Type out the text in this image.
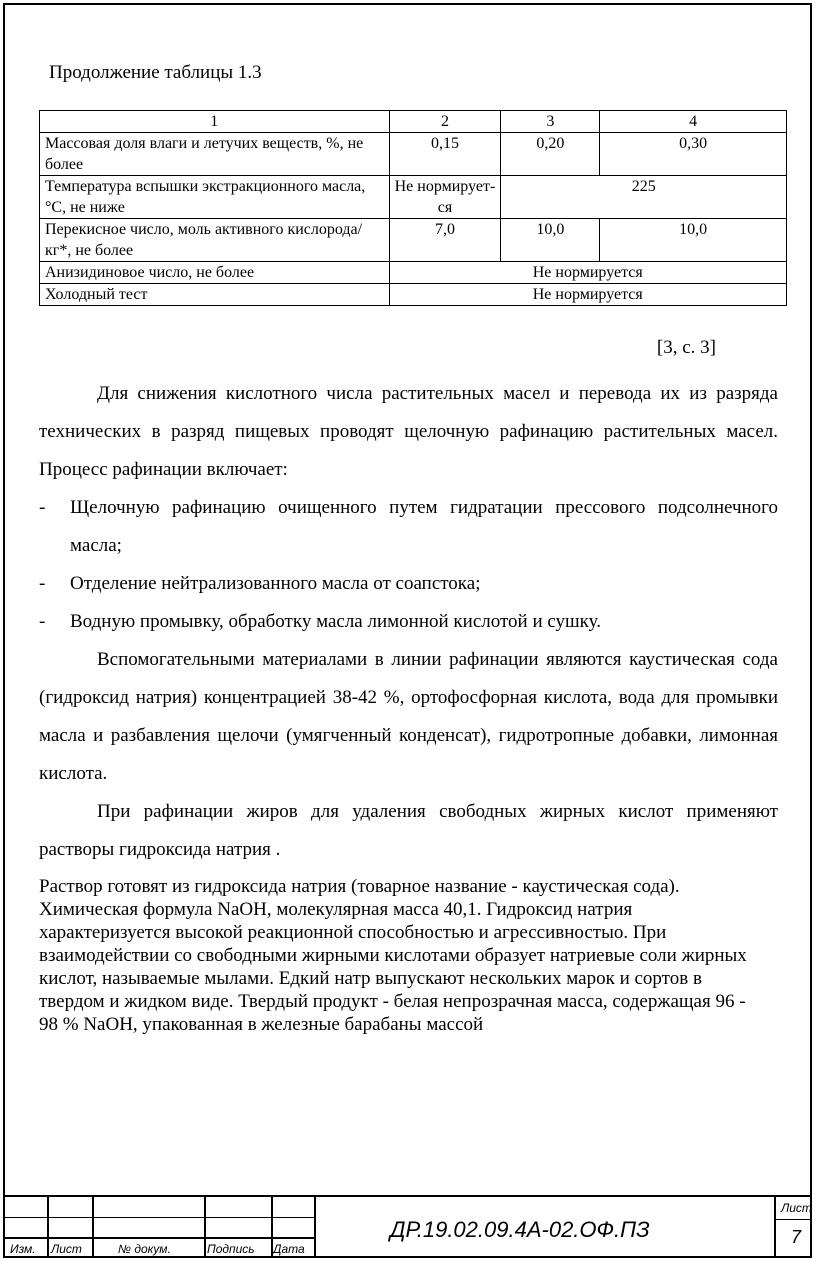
Продолжение таблицы 1.3
1	2	3	4
Массовая доля влаги и летучих веществ, %, не более	0,15	0,20	0,30
Температура вспышки экстракционного масла, °С, не ниже	Не нормирует-ся	225	
Перекисное число, моль активного кислорода/кг*, не более	7,0	10,0	10,0
Анизидиновое число, не более	Не нормируется		
Холодный тест	Не нормируется		
[3, с. 3]

Для снижения кислотного числа растительных масел и перевода их из разряда технических в разряд пищевых проводят щелочную рафинацию растительных масел. Процесс рафинации включает:

- Щелочную рафинацию очищенного путем гидратации прессового подсолнечного масла;
- Отделение нейтрализованного масла от соапстока;
- Водную промывку, обработку масла лимонной кислотой и сушку.

Вспомогательными материалами в линии рафинации являются каустическая сода (гидроксид натрия) концентрацией 38-42 %, ортофосфорная кислота, вода для промывки масла и разбавления щелочи (умягченный конденсат), гидротропные добавки, лимонная кислота.

При рафинации жиров для удаления свободных жирных кислот применяют растворы гидроксида натрия .

Раствор готовят из гидроксида натрия (товарное название - каустическая сода). Химическая формула NaOH, молекулярная масса 40,1. Гидроксид натрия характеризуется высокой реакционной способностью и агрессивностыо. При взаимодействии со свободными жирными кислотами образует натриевые соли жирных кислот, называемые мылами. Едкий натр выпускают нескольких марок и сортов в твердом и жидком виде. Твердый продукт - белая непрозрачная масса, содержащая 96 - 98 % NaOH, упакованная в железные барабаны массой

Изм. Лист	№ докум.	Подпись Дата
ДР.19.02.09.4А-02.ОФ.ПЗ
Лист
7
